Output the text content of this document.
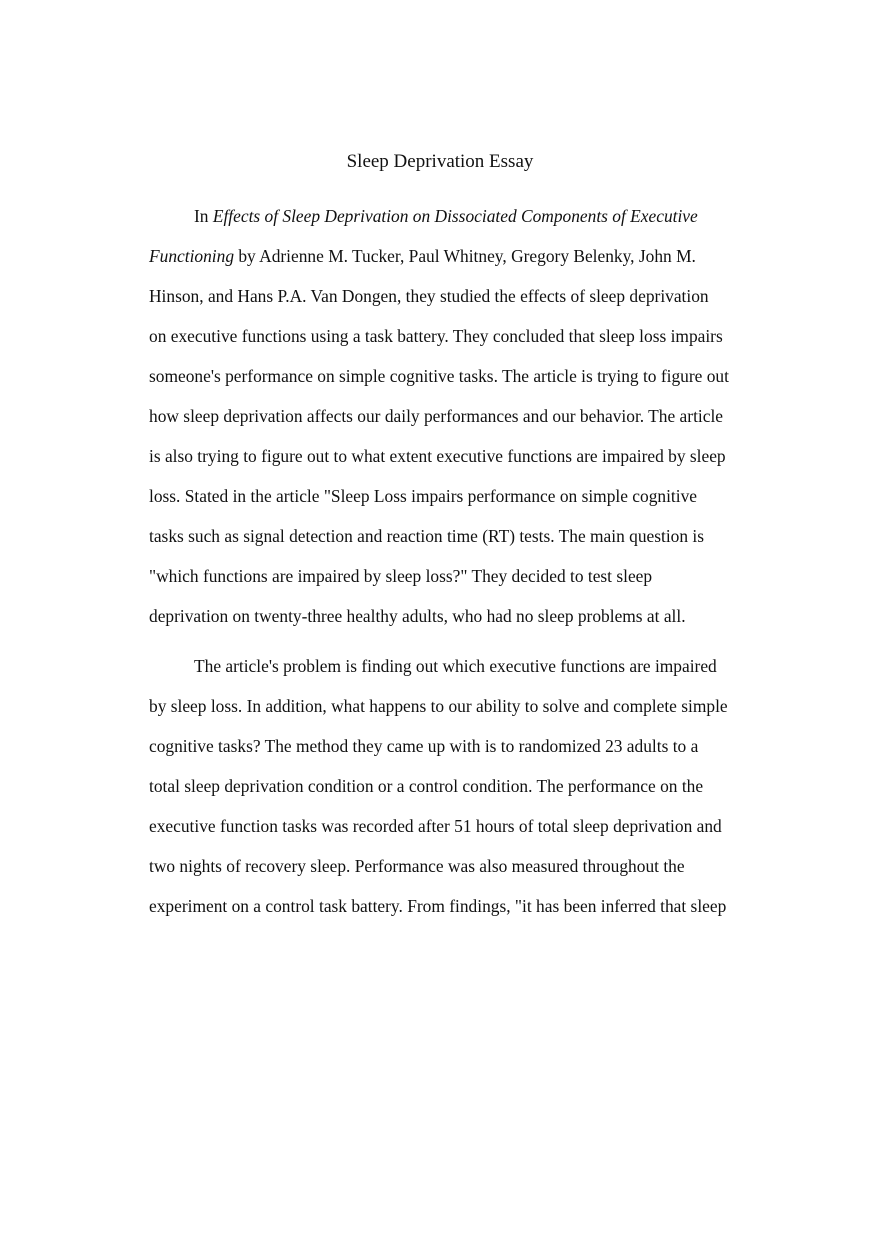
Sleep Deprivation Essay
In Effects of Sleep Deprivation on Dissociated Components of Executive
Functioning by Adrienne M. Tucker, Paul Whitney, Gregory Belenky, John M.
Hinson, and Hans P.A. Van Dongen, they studied the effects of sleep deprivation
on executive functions using a task battery. They concluded that sleep loss impairs
someone's performance on simple cognitive tasks. The article is trying to figure out
how sleep deprivation affects our daily performances and our behavior. The article
is also trying to figure out to what extent executive functions are impaired by sleep
loss. Stated in the article "Sleep Loss impairs performance on simple cognitive
tasks such as signal detection and reaction time (RT) tests. The main question is
"which functions are impaired by sleep loss?" They decided to test sleep
deprivation on twenty-three healthy adults, who had no sleep problems at all.
The article's problem is finding out which executive functions are impaired
by sleep loss. In addition, what happens to our ability to solve and complete simple
cognitive tasks? The method they came up with is to randomized 23 adults to a
total sleep deprivation condition or a control condition. The performance on the
executive function tasks was recorded after 51 hours of total sleep deprivation and
two nights of recovery sleep. Performance was also measured throughout the
experiment on a control task battery. From findings, "it has been inferred that sleep
